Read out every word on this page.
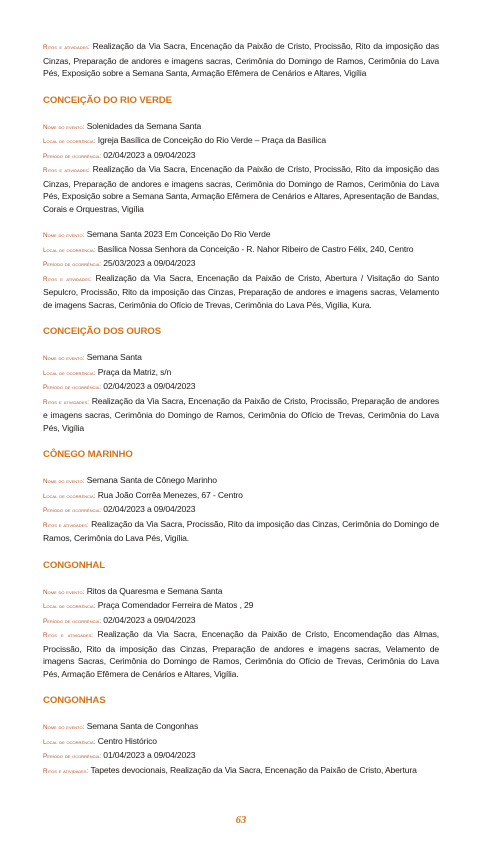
Ritos e atividades: Realização da Via Sacra, Encenação da Paixão de Cristo, Procissão, Rito da imposição das Cinzas, Preparação de andores e imagens sacras, Cerimônia do Domingo de Ramos, Cerimônia do Lava Pés, Exposição sobre a Semana Santa, Armação Efêmera de Cenários e Altares, Vigília

CONCEIÇÃO DO RIO VERDE

Nome do evento: Solenidades da Semana Santa

Local de ocorrência: Igreja Basílica de Conceição do Rio Verde – Praça da Basílica

Período de ocorrência: 02/04/2023 a 09/04/2023

Ritos e atividades: Realização da Via Sacra, Encenação da Paixão de Cristo, Procissão, Rito da imposição das Cinzas, Preparação de andores e imagens sacras, Cerimônia do Domingo de Ramos, Cerimônia do Lava Pés, Exposição sobre a Semana Santa, Armação Efêmera de Cenários e Altares, Apresentação de Bandas, Corais e Orquestras, Vigília

Nome do evento: Semana Santa 2023 Em Conceição Do Rio Verde

Local de ocorrência: Basílica Nossa Senhora da Conceição - R. Nahor Ribeiro de Castro Félix, 240, Centro

Período de ocorrência: 25/03/2023 a 09/04/2023

Ritos e atividades: Realização da Via Sacra, Encenação da Paixão de Cristo, Abertura / Visitação do Santo Sepulcro, Procissão, Rito da imposição das Cinzas, Preparação de andores e imagens sacras, Velamento de imagens Sacras, Cerimônia do Ofício de Trevas, Cerimônia do Lava Pés, Vigília, Kura.

CONCEIÇÃO DOS OUROS

Nome do evento: Semana Santa

Local de ocorrência: Praça da Matriz, s/n

Período de ocorrência: 02/04/2023 a 09/04/2023

Ritos e atividades: Realização da Via Sacra, Encenação da Paixão de Cristo, Procissão, Preparação de andores e imagens sacras, Cerimônia do Domingo de Ramos, Cerimônia do Ofício de Trevas, Cerimônia do Lava Pés, Vigília

CÔNEGO MARINHO

Nome do evento: Semana Santa de Cônego Marinho

Local de ocorrência: Rua João Corrêa Menezes, 67 - Centro

Período de ocorrência: 02/04/2023 a 09/04/2023

Ritos e atividades: Realização da Via Sacra, Procissão, Rito da imposição das Cinzas, Cerimônia do Domingo de Ramos, Cerimônia do Lava Pés, Vigília.

CONGONHAL

Nome do evento: Ritos da Quaresma e Semana Santa

Local de ocorrência: Praça Comendador Ferreira de Matos , 29

Período de ocorrência: 02/04/2023 a 09/04/2023

Ritos e atividades: Realização da Via Sacra, Encenação da Paixão de Cristo, Encomendação das Almas, Procissão, Rito da imposição das Cinzas, Preparação de andores e imagens sacras, Velamento de imagens Sacras, Cerimônia do Domingo de Ramos, Cerimônia do Ofício de Trevas, Cerimônia do Lava Pés, Armação Efêmera de Cenários e Altares, Vigília.

CONGONHAS

Nome do evento: Semana Santa de Congonhas

Local de ocorrência: Centro Histórico

Período de ocorrência: 01/04/2023 a 09/04/2023

Ritos e atividades: Tapetes devocionais, Realização da Via Sacra, Encenação da Paixão de Cristo, Abertura

63
